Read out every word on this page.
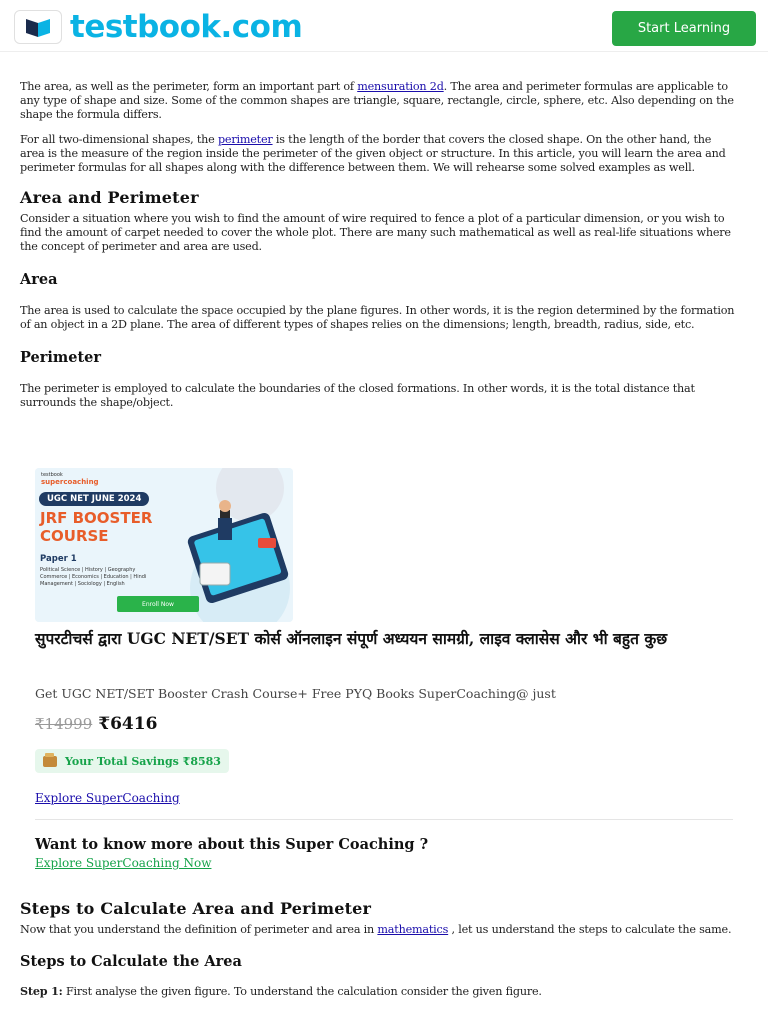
testbook.com	Start Learning

The area, as well as the perimeter, form an important part of mensuration 2d. The area and perimeter formulas are applicable to any type of shape and size. Some of the common shapes are triangle, square, rectangle, circle, sphere, etc. Also depending on the shape the formula differs.

For all two-dimensional shapes, the perimeter is the length of the border that covers the closed shape. On the other hand, the area is the measure of the region inside the perimeter of the given object or structure. In this article, you will learn the area and perimeter formulas for all shapes along with the difference between them. We will rehearse some solved examples as well.

Area and Perimeter

Consider a situation where you wish to find the amount of wire required to fence a plot of a particular dimension, or you wish to find the amount of carpet needed to cover the whole plot. There are many such mathematical as well as real-life situations where the concept of perimeter and area are used.

Area

The area is used to calculate the space occupied by the plane figures. In other words, it is the region determined by the formation of an object in a 2D plane. The area of different types of shapes relies on the dimensions; length, breadth, radius, side, etc.

Perimeter

The perimeter is employed to calculate the boundaries of the closed formations. In other words, it is the total distance that surrounds the shape/object.

testbook
supercoaching
UGC NET JUNE 2024
JRF BOOSTER
COURSE
Paper 1
Political Science | History | Geography Commerce | Economics | Education | Hindi Management | Sociology | English
Enroll Now
सुपरटीचर्स द्वारा UGC NET/SET कोर्स ऑनलाइन संपूर्ण अध्ययन सामग्री, लाइव क्लासेस और भी बहुत कुछ
Get UGC NET/SET Booster Crash Course+ Free PYQ Books SuperCoaching@ just
₹14999 ₹6416
Your Total Savings ₹8583
Explore SuperCoaching
Want to know more about this Super Coaching ?
Explore SuperCoaching Now
Steps to Calculate Area and Perimeter

Now that you understand the definition of perimeter and area in mathematics , let us understand the steps to calculate the same.

Steps to Calculate the Area

Step 1: First analyse the given figure. To understand the calculation consider the given figure.
